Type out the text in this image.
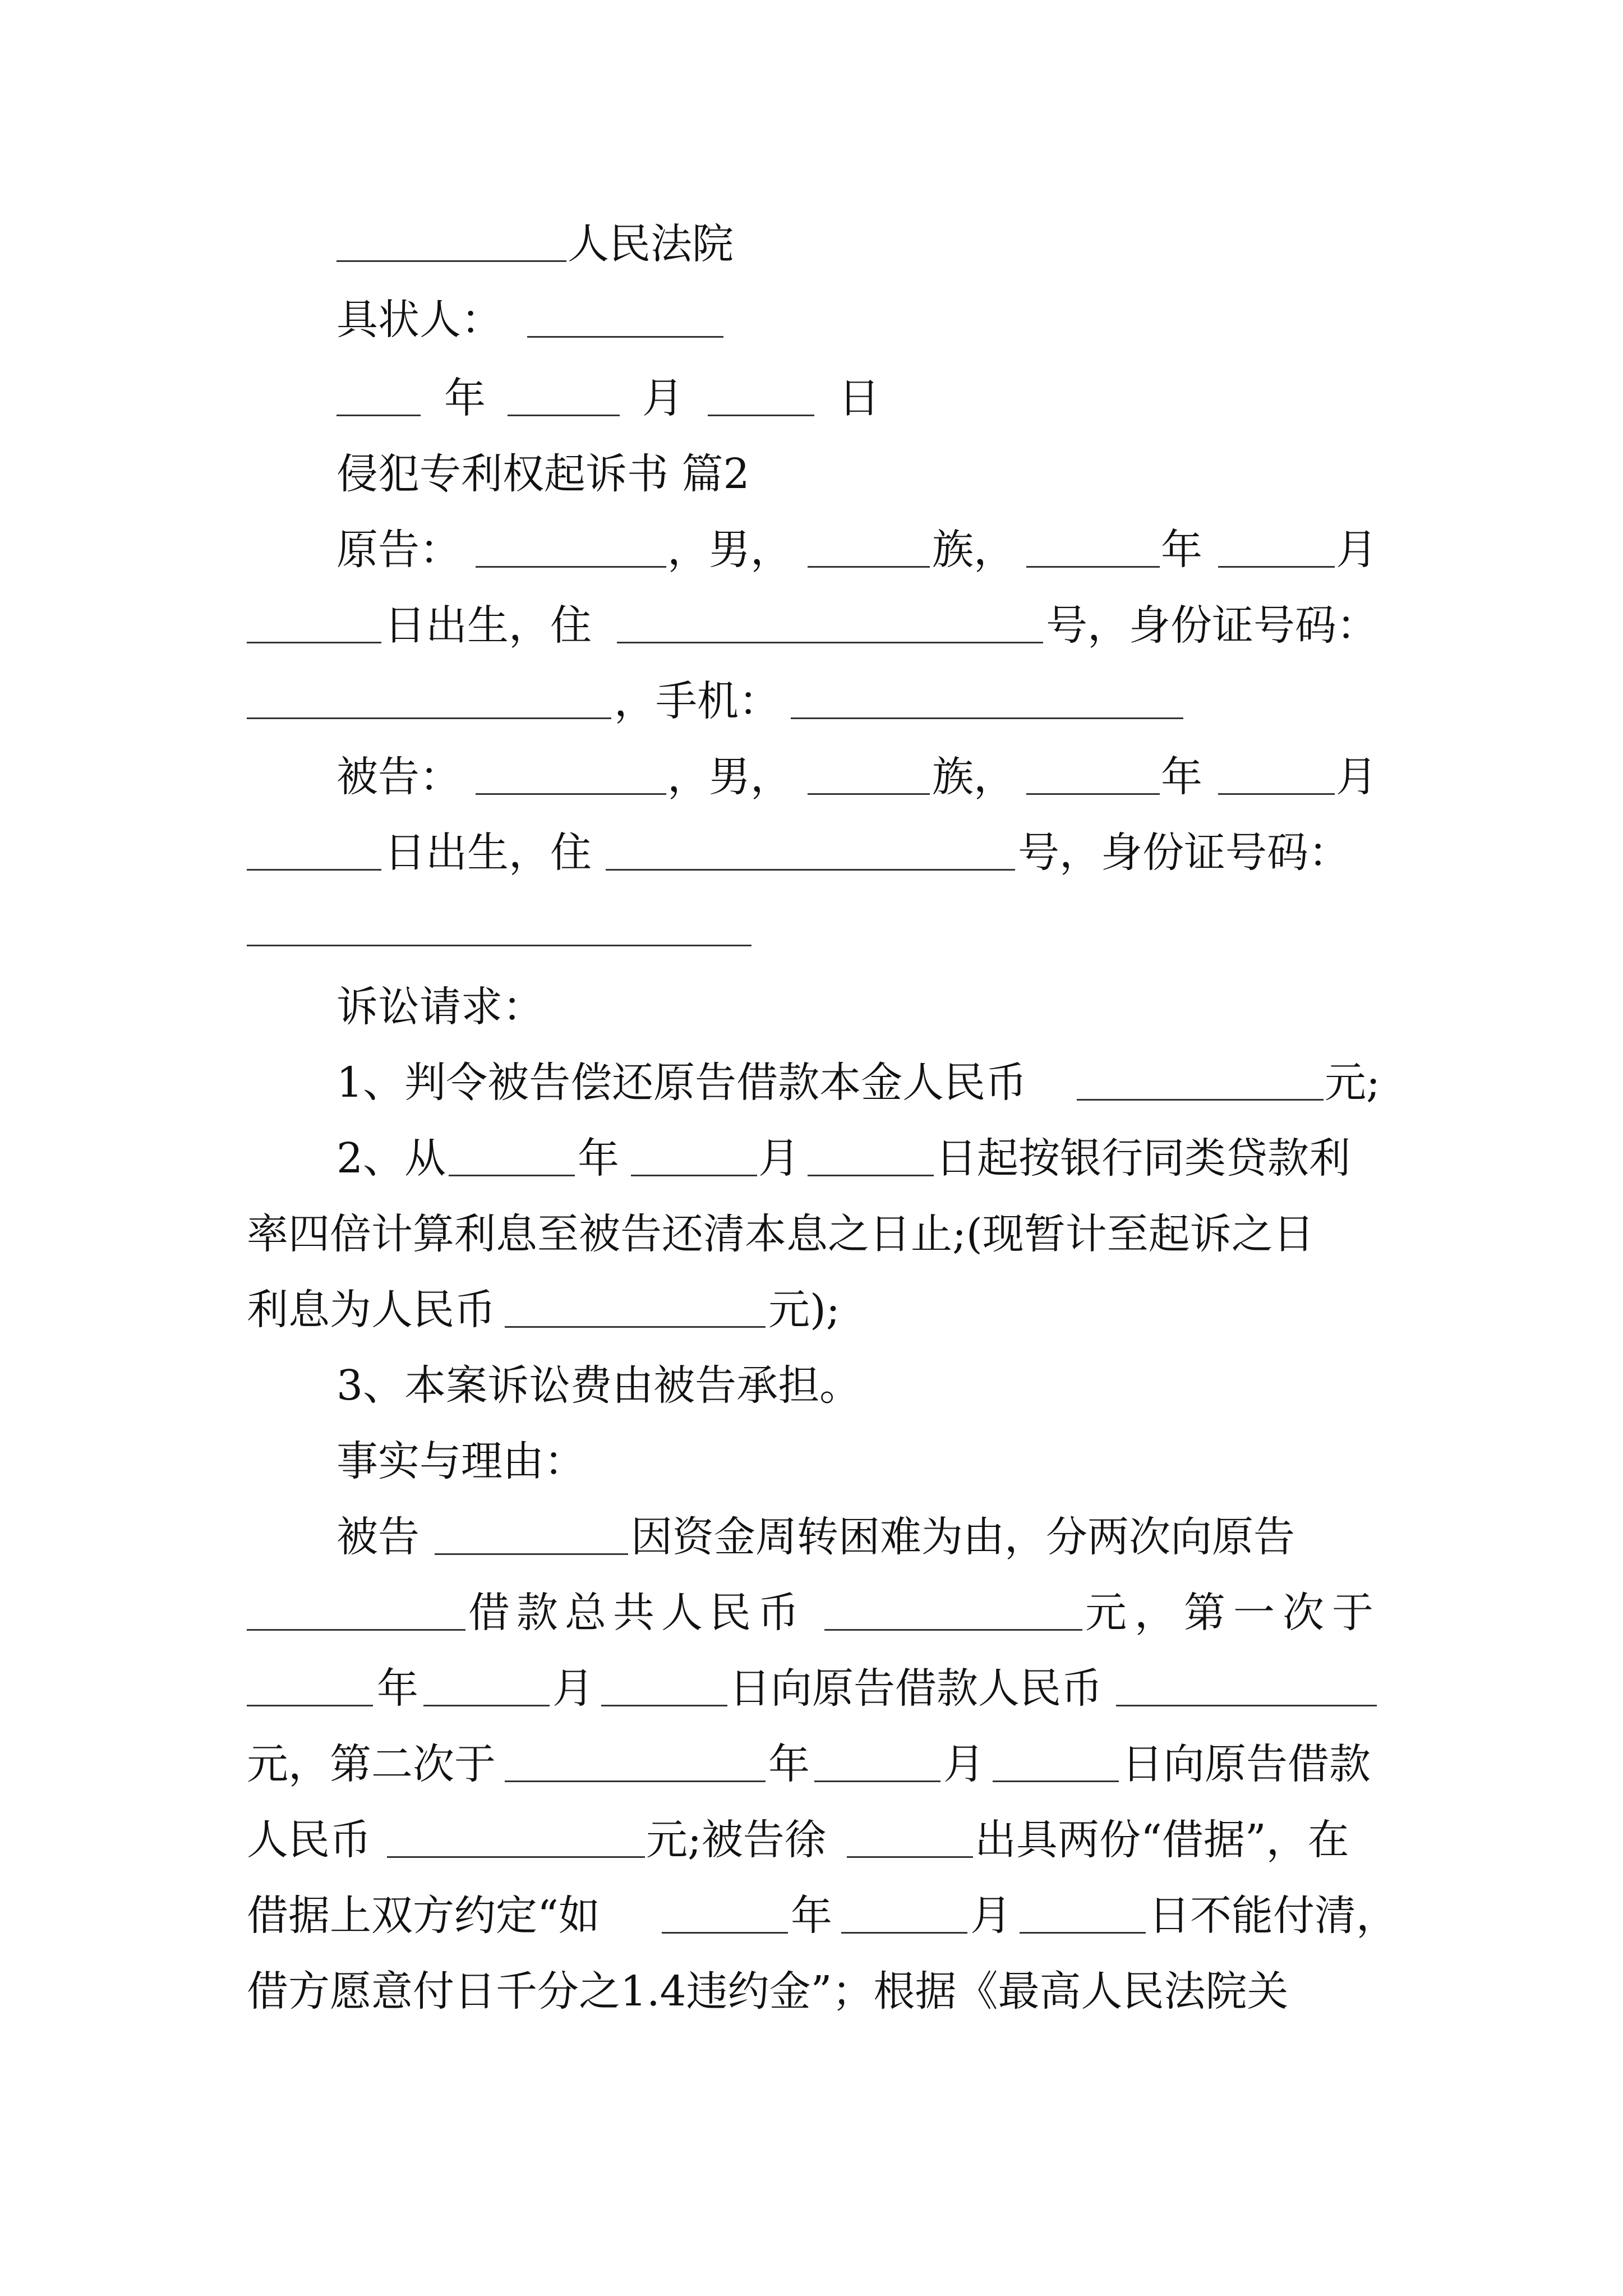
人民法院
具状人：
年	月	日
侵犯专利权起诉书 篇2
原告：	，男，	族，	年	月
日出生，住	号，身份证号码：
，手机：
被告：	，男，	族，	年	月
日出生，住	号，身份证号码：
诉讼请求：
1、判令被告偿还原告借款本金人民币	元;
2、从	年	月	日起按银行同类贷款利
率四倍计算利息至被告还清本息之日止;(现暂计至起诉之日
利息为人民币	元);
3、本案诉讼费由被告承担。
事实与理由：
被告	因资金周转困难为由，分两次向原告
借款总共人民币	元，第一次于
年	月	日向原告借款人民币
元，第二次于	年	月	日向原告借款
人民币	元;被告徐	出具两份“借据”，在
借据上双方约定“如	年	月	日不能付清，
借方愿意付日千分之1.4违约金”；根据《最高人民法院关
